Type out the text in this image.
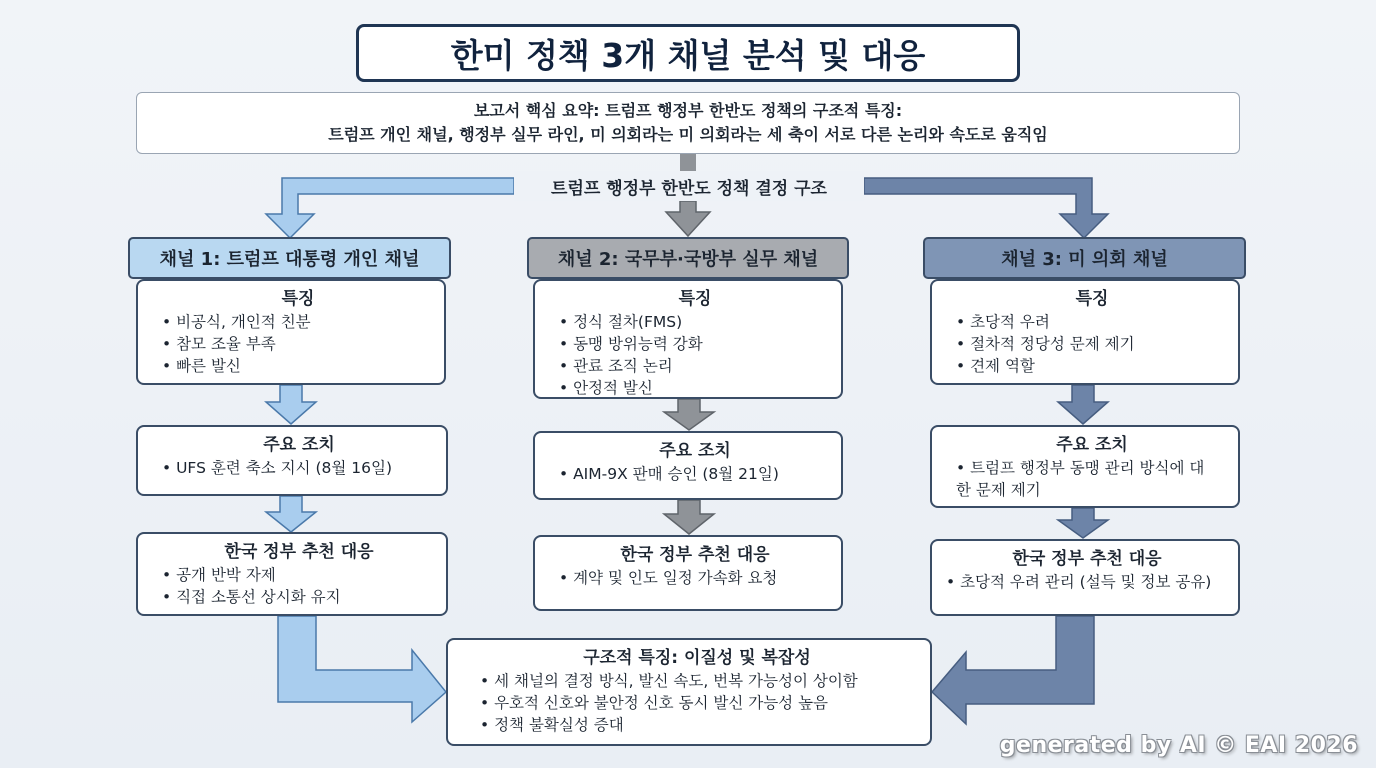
한미 정책 3개 채널 분석 및 대응
보고서 핵심 요약: 트럼프 행정부 한반도 정책의 구조적 특징:
트럼프 개인 채널, 행정부 실무 라인, 미 의회라는 미 의회라는 세 축이 서로 다른 논리와 속도로 움직임
트럼프 행정부 한반도 정책 결정 구조
채널 1: 트럼프 대통령 개인 채널
특징
• 비공식, 개인적 친분
• 참모 조율 부족
• 빠른 발신
주요 조치
• UFS 훈련 축소 지시 (8월 16일)
한국 정부 추천 대응
• 공개 반박 자제
• 직접 소통선 상시화 유지
채널 2: 국무부·국방부 실무 채널
특징
• 정식 절차(FMS)
• 동맹 방위능력 강화
• 관료 조직 논리
• 안정적 발신
주요 조치
• AIM-9X 판매 승인 (8월 21일)
한국 정부 추천 대응
• 계약 및 인도 일정 가속화 요청
채널 3: 미 의회 채널
특징
• 초당적 우려
• 절차적 정당성 문제 제기
• 견제 역할
주요 조치
• 트럼프 행정부 동맹 관리 방식에 대한 문제 제기
한국 정부 추천 대응
• 초당적 우려 관리 (설득 및 정보 공유)
구조적 특징: 이질성 및 복잡성
• 세 채널의 결정 방식, 발신 속도, 번복 가능성이 상이함
• 우호적 신호와 불안정 신호 동시 발신 가능성 높음
• 정책 불확실성 증대
generated by AI © EAI 2026
